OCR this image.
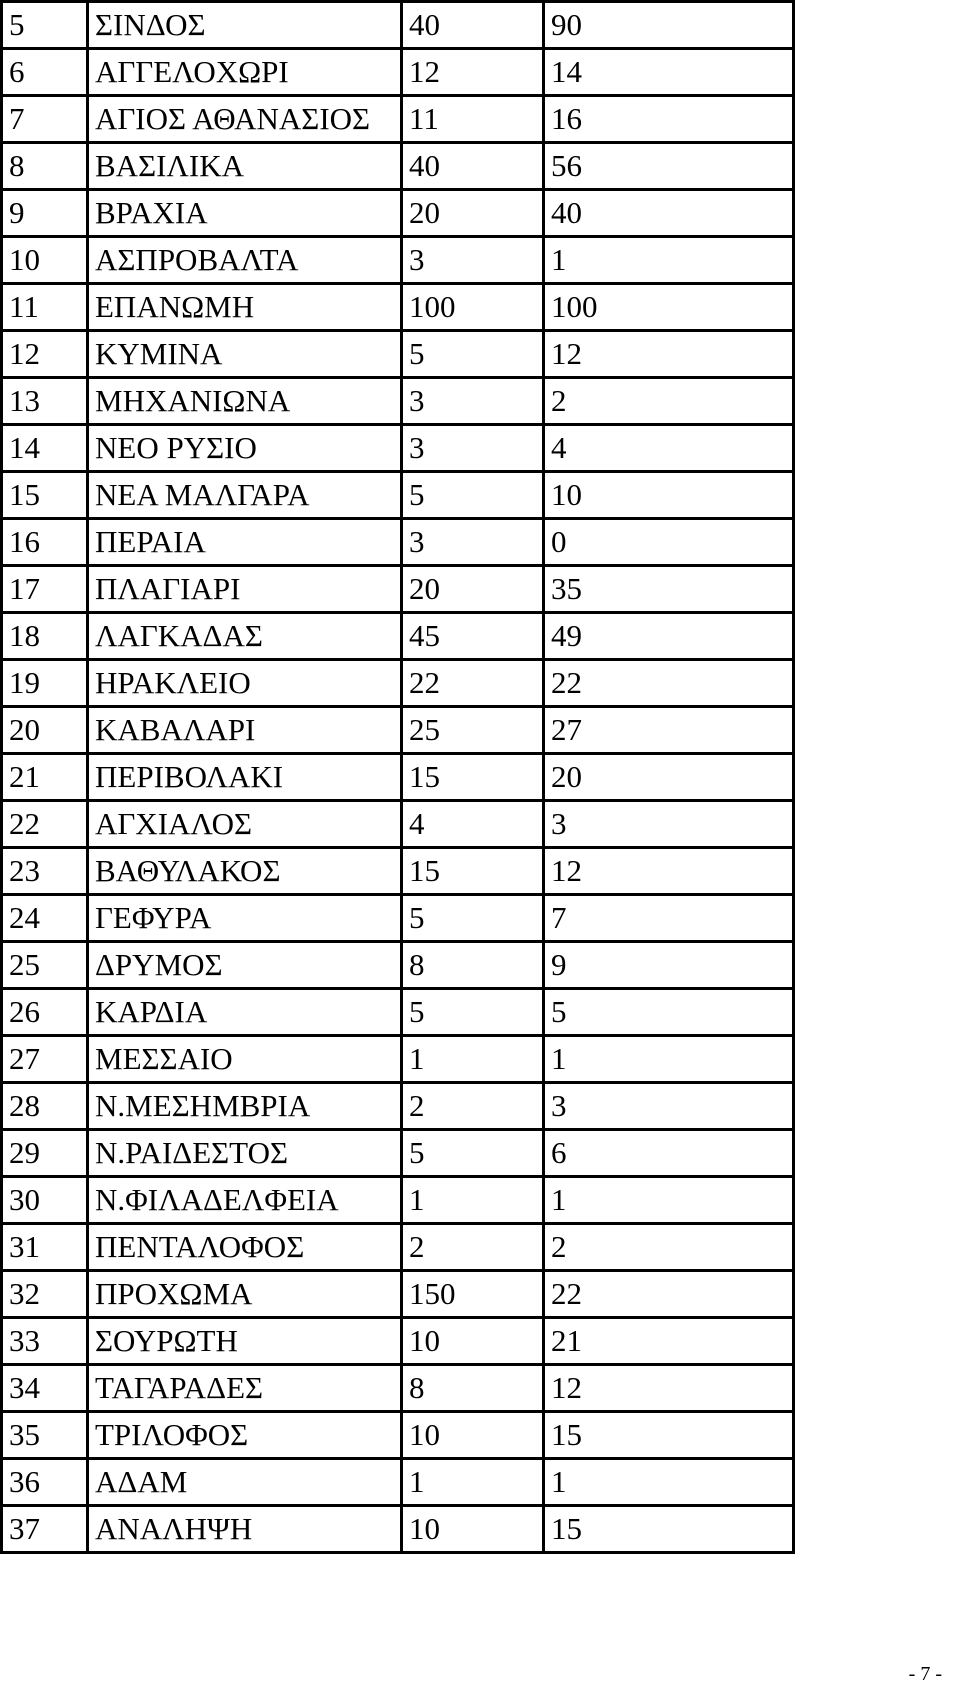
5	ΣΙΝΔΟΣ	40	90
6	ΑΓΓΕΛΟΧΩΡΙ	12	14
7	ΑΓΙΟΣ ΑΘΑΝΑΣΙΟΣ	11	16
8	ΒΑΣΙΛΙΚΑ	40	56
9	ΒΡΑΧΙΑ	20	40
10	ΑΣΠΡΟΒΑΛΤΑ	3	1
11	ΕΠΑΝΩΜΗ	100	100
12	ΚΥΜΙΝΑ	5	12
13	ΜΗΧΑΝΙΩΝΑ	3	2
14	ΝΕΟ ΡΥΣΙΟ	3	4
15	ΝΕΑ ΜΑΛΓΑΡΑ	5	10
16	ΠΕΡΑΙΑ	3	0
17	ΠΛΑΓΙΑΡΙ	20	35
18	ΛΑΓΚΑΔΑΣ	45	49
19	ΗΡΑΚΛΕΙΟ	22	22
20	ΚΑΒΑΛΑΡΙ	25	27
21	ΠΕΡΙΒΟΛΑΚΙ	15	20
22	ΑΓΧΙΑΛΟΣ	4	3
23	ΒΑΘΥΛΑΚΟΣ	15	12
24	ΓΕΦΥΡΑ	5	7
25	ΔΡΥΜΟΣ	8	9
26	ΚΑΡΔΙΑ	5	5
27	ΜΕΣΣΑΙΟ	1	1
28	Ν.ΜΕΣΗΜΒΡΙΑ	2	3
29	Ν.ΡΑΙΔΕΣΤΟΣ	5	6
30	Ν.ΦΙΛΑΔΕΛΦΕΙΑ	1	1
31	ΠΕΝΤΑΛΟΦΟΣ	2	2
32	ΠΡΟΧΩΜΑ	150	22
33	ΣΟΥΡΩΤΗ	10	21
34	ΤΑΓΑΡΑΔΕΣ	8	12
35	ΤΡΙΛΟΦΟΣ	10	15
36	ΑΔΑΜ	1	1
37	ΑΝΑΛΗΨΗ	10	15
- 7 -
